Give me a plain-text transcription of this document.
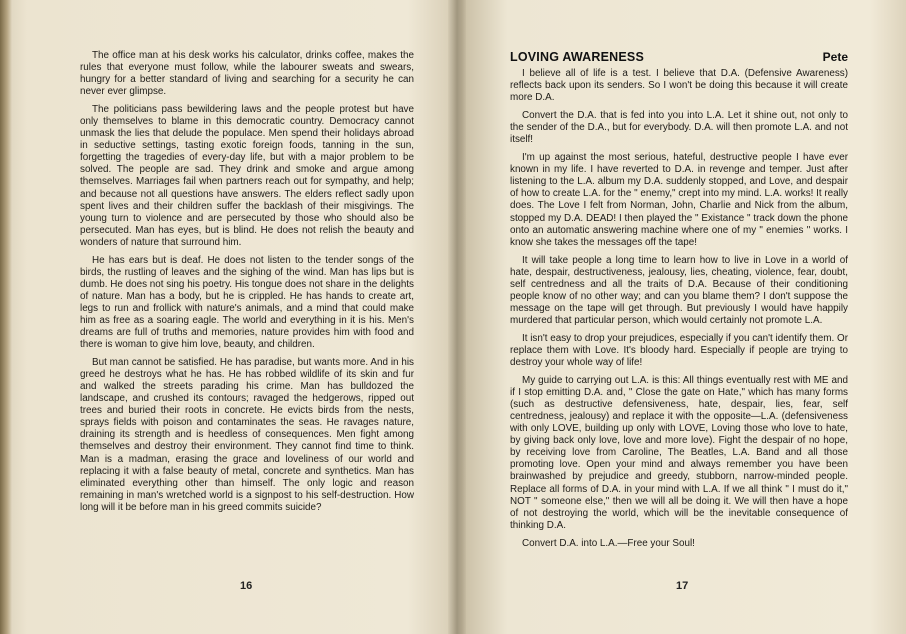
The office man at his desk works his calculator, drinks coffee, makes the rules that everyone must follow, while the labourer sweats and swears, hungry for a better standard of living and searching for a security he can never ever glimpse.

The politicians pass bewildering laws and the people protest but have only themselves to blame in this democratic country. Democracy cannot unmask the lies that delude the populace. Men spend their holidays abroad in seductive settings, tasting exotic foreign foods, tanning in the sun, forgetting the tragedies of every-day life, but with a major problem to be solved. The people are sad. They drink and smoke and argue among themselves. Marriages fail when partners reach out for sympathy, and help; and because not all questions have answers. The elders reflect sadly upon spent lives and their children suffer the backlash of their misgivings. The young turn to violence and are persecuted by those who should also be persecuted. Man has eyes, but is blind. He does not relish the beauty and wonders of nature that surround him.

He has ears but is deaf. He does not listen to the tender songs of the birds, the rustling of leaves and the sighing of the wind. Man has lips but is dumb. He does not sing his poetry. His tongue does not share in the delights of nature. Man has a body, but he is crippled. He has hands to create art, legs to run and frollick with nature's animals, and a mind that could make him as free as a soaring eagle. The world and everything in it is his. Men's dreams are full of truths and memories, nature provides him with food and there is woman to give him love, beauty, and children.

But man cannot be satisfied. He has paradise, but wants more. And in his greed he destroys what he has. He has robbed wildlife of its skin and fur and walked the streets parading his crime. Man has bulldozed the landscape, and crushed its contours; ravaged the hedgerows, ripped out trees and buried their roots in concrete. He evicts birds from the nests, sprays fields with poison and contaminates the seas. He ravages nature, draining its strength and is heedless of consequences. Men fight among themselves and destroy their environment. They cannot find time to think. Man is a madman, erasing the grace and loveliness of our world and replacing it with a false beauty of metal, concrete and synthetics. Man has eliminated everything other than himself. The only logic and reason remaining in man's wretched world is a signpost to his self-destruction. How long will it be before man in his greed commits suicide?

16
LOVING AWARENESS	Pete

I believe all of life is a test. I believe that D.A. (Defensive Awareness) reflects back upon its senders. So I won't be doing this because it will create more D.A.

Convert the D.A. that is fed into you into L.A. Let it shine out, not only to the sender of the D.A., but for everybody. D.A. will then promote L.A. and not itself!

I'm up against the most serious, hateful, destructive people I have ever known in my life. I have reverted to D.A. in revenge and temper. Just after listening to the L.A. album my D.A. suddenly stopped, and Love, and despair of how to create L.A. for the " enemy," crept into my mind. L.A. works! It really does. The Love I felt from Norman, John, Charlie and Nick from the album, stopped my D.A. DEAD! I then played the " Existance " track down the phone onto an automatic answering machine where one of my " enemies " works. I know she takes the messages off the tape!

It will take people a long time to learn how to live in Love in a world of hate, despair, destructiveness, jealousy, lies, cheating, violence, fear, doubt, self centredness and all the traits of D.A. Because of their conditioning people know of no other way; and can you blame them? I don't suppose the message on the tape will get through. But previously I would have happily murdered that particular person, which would certainly not promote L.A.

It isn't easy to drop your prejudices, especially if you can't identify them. Or replace them with Love. It's bloody hard. Especially if people are trying to destroy your whole way of life!

My guide to carrying out L.A. is this: All things eventually rest with ME and if I stop emitting D.A. and, " Close the gate on Hate," which has many forms (such as destructive defensiveness, hate, despair, lies, fear, self centredness, jealousy) and replace it with the opposite—L.A. (defensiveness with only LOVE, building up only with LOVE, Loving those who love to hate, by giving back only love, love and more love). Fight the despair of no hope, by receiving love from Caroline, The Beatles, L.A. Band and all those promoting love. Open your mind and always remember you have been brainwashed by prejudice and greedy, stubborn, narrow-minded people. Replace all forms of D.A. in your mind with L.A. If we all think " I must do it," NOT " someone else," then we will all be doing it. We will then have a hope of not destroying the world, which will be the inevitable consequence of thinking D.A.

Convert D.A. into L.A.—Free your Soul!

17
